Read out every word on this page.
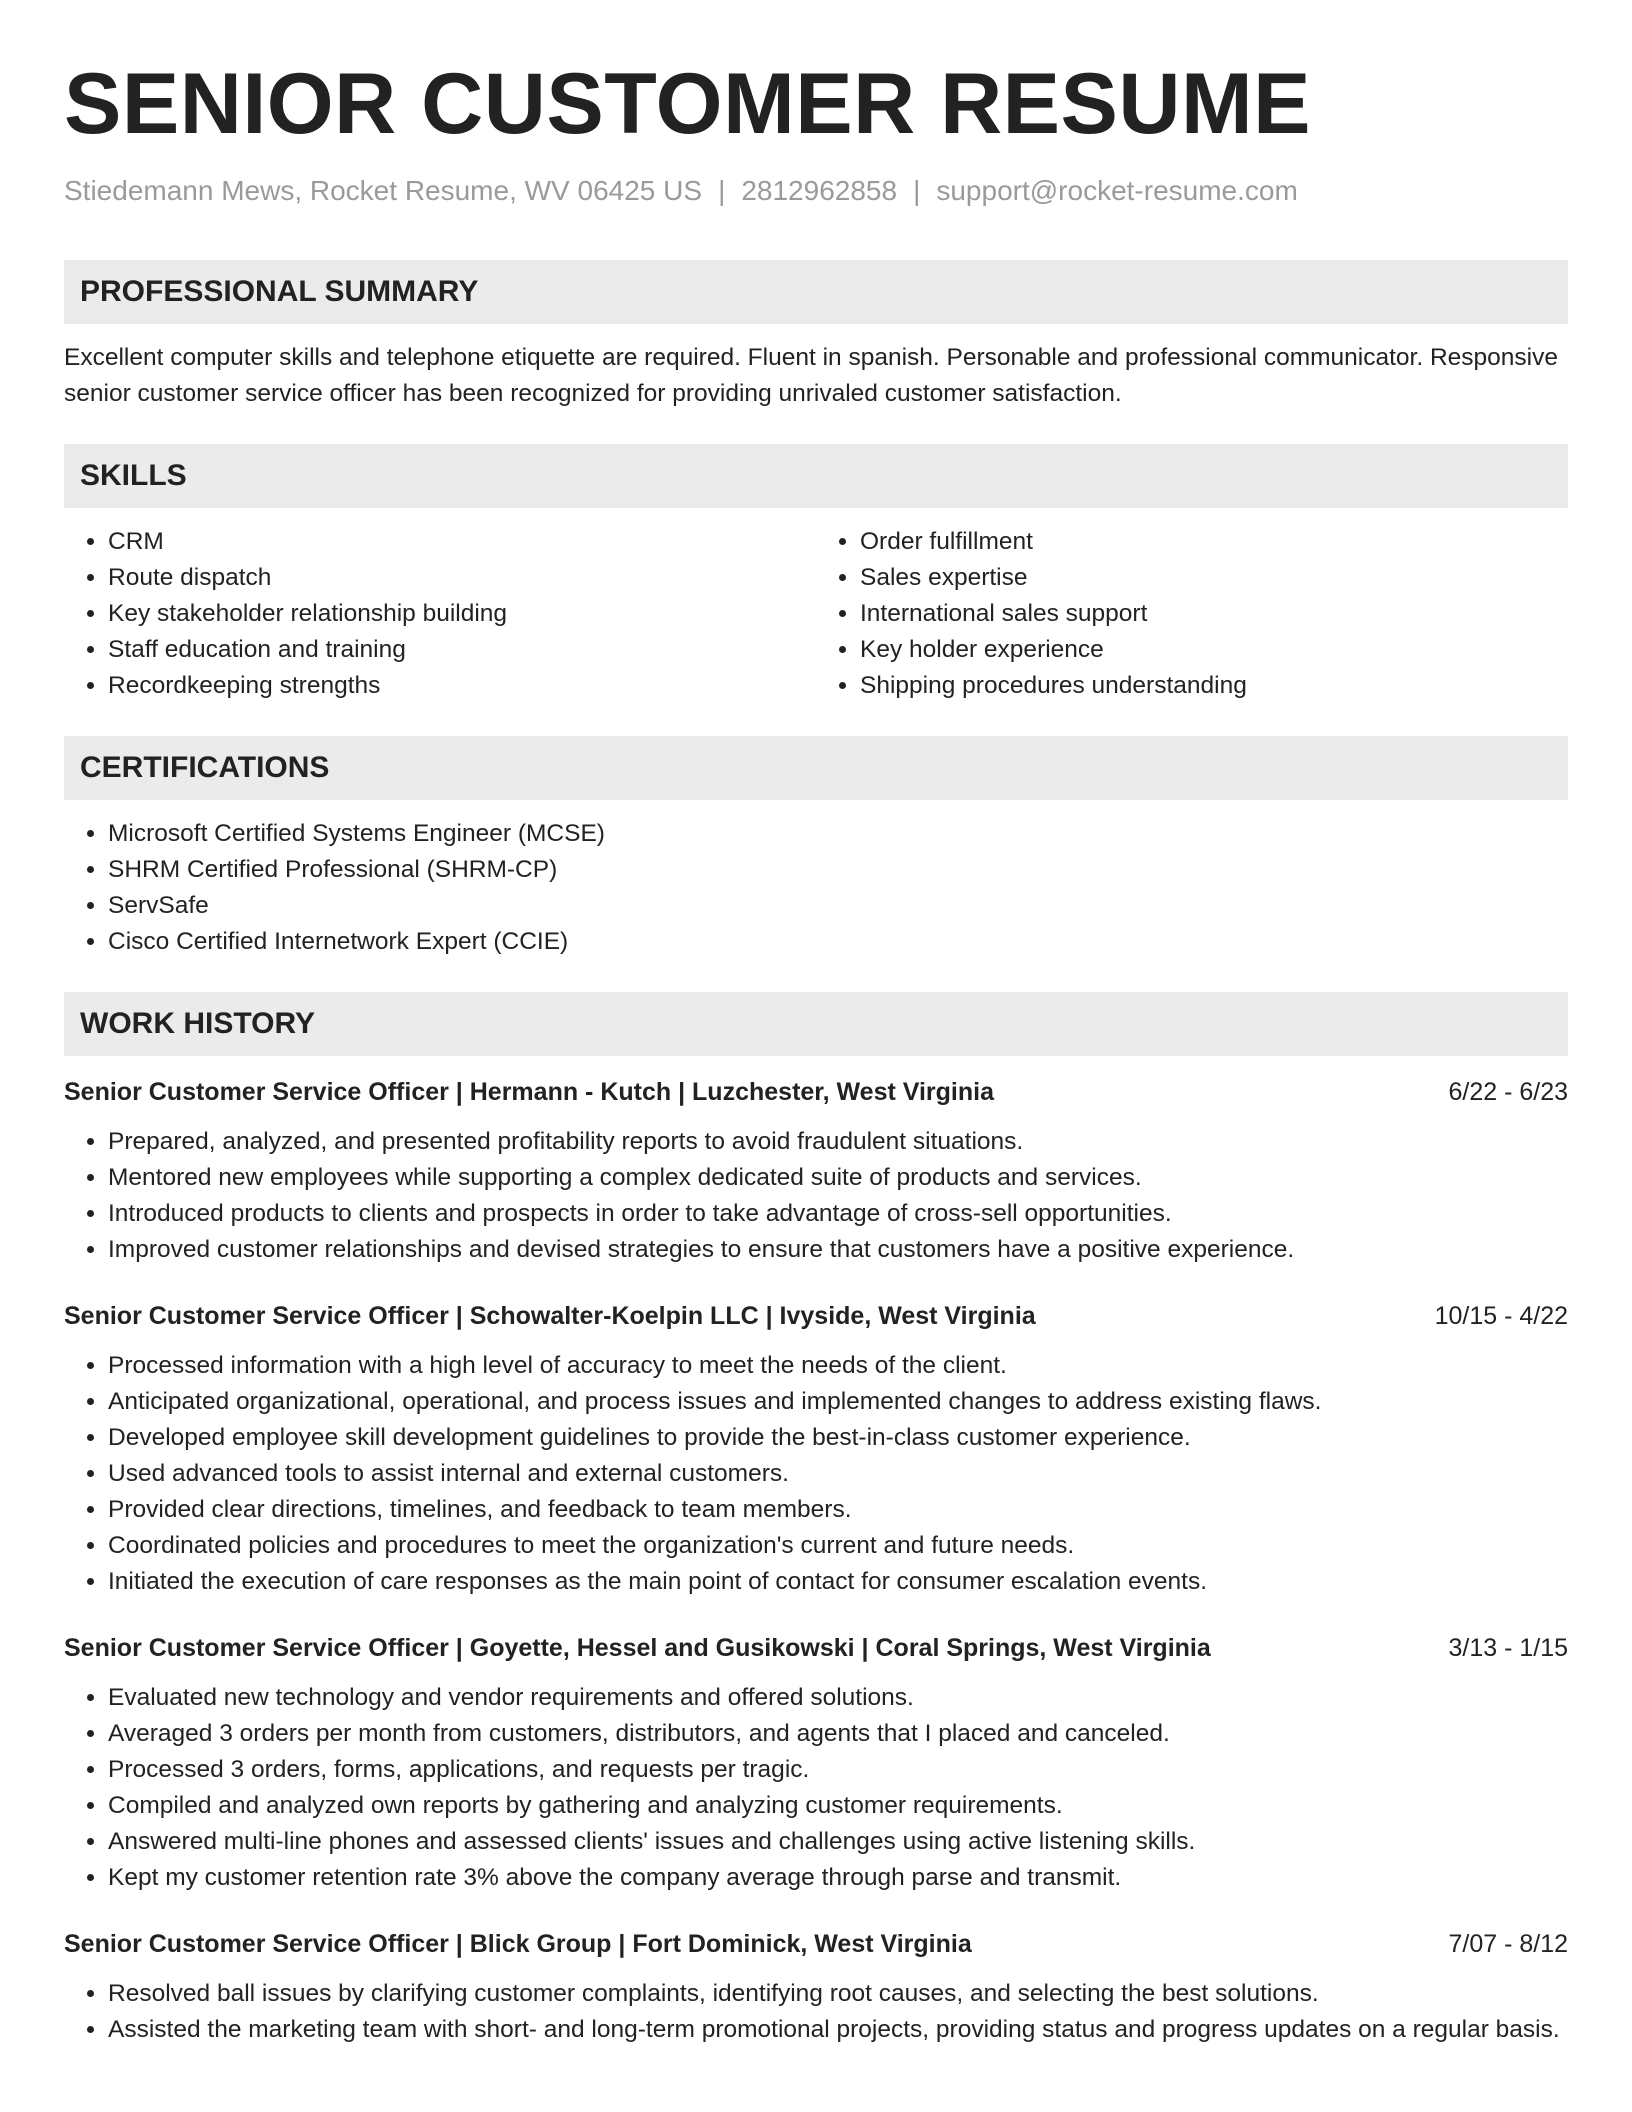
SENIOR CUSTOMER RESUME
Stiedemann Mews, Rocket Resume, WV 06425 US | 2812962858 | support@rocket-resume.com
PROFESSIONAL SUMMARY

Excellent computer skills and telephone etiquette are required. Fluent in spanish. Personable and professional communicator. Responsive senior customer service officer has been recognized for providing unrivaled customer satisfaction.

SKILLS
• CRM
• Route dispatch
• Key stakeholder relationship building
• Staff education and training
• Recordkeeping strengths
• Order fulfillment
• Sales expertise
• International sales support
• Key holder experience
• Shipping procedures understanding
CERTIFICATIONS
• Microsoft Certified Systems Engineer (MCSE)
• SHRM Certified Professional (SHRM-CP)
• ServSafe
• Cisco Certified Internetwork Expert (CCIE)
WORK HISTORY
Senior Customer Service Officer | Hermann - Kutch | Luzchester, West Virginia	6/22 - 6/23
• Prepared, analyzed, and presented profitability reports to avoid fraudulent situations.
• Mentored new employees while supporting a complex dedicated suite of products and services.
• Introduced products to clients and prospects in order to take advantage of cross-sell opportunities.
• Improved customer relationships and devised strategies to ensure that customers have a positive experience.
Senior Customer Service Officer | Schowalter-Koelpin LLC | Ivyside, West Virginia	10/15 - 4/22
• Processed information with a high level of accuracy to meet the needs of the client.
• Anticipated organizational, operational, and process issues and implemented changes to address existing flaws.
• Developed employee skill development guidelines to provide the best-in-class customer experience.
• Used advanced tools to assist internal and external customers.
• Provided clear directions, timelines, and feedback to team members.
• Coordinated policies and procedures to meet the organization's current and future needs.
• Initiated the execution of care responses as the main point of contact for consumer escalation events.
Senior Customer Service Officer | Goyette, Hessel and Gusikowski | Coral Springs, West Virginia	3/13 - 1/15
• Evaluated new technology and vendor requirements and offered solutions.
• Averaged 3 orders per month from customers, distributors, and agents that I placed and canceled.
• Processed 3 orders, forms, applications, and requests per tragic.
• Compiled and analyzed own reports by gathering and analyzing customer requirements.
• Answered multi-line phones and assessed clients' issues and challenges using active listening skills.
• Kept my customer retention rate 3% above the company average through parse and transmit.
Senior Customer Service Officer | Blick Group | Fort Dominick, West Virginia	7/07 - 8/12
• Resolved ball issues by clarifying customer complaints, identifying root causes, and selecting the best solutions.
• Assisted the marketing team with short- and long-term promotional projects, providing status and progress updates on a regular basis.
